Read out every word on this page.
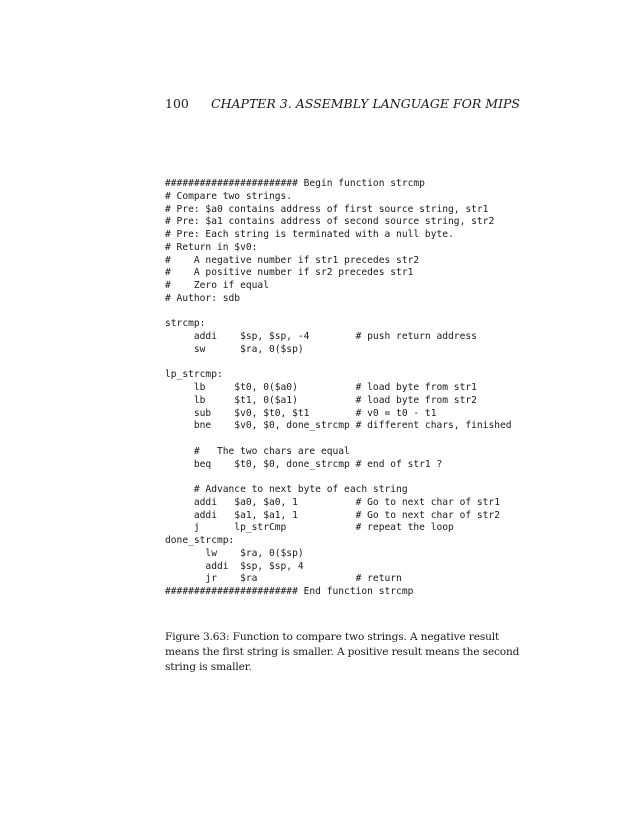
100 CHAPTER 3. ASSEMBLY LANGUAGE FOR MIPS
####################### Begin function strcmp
# Compare two strings.
# Pre: $a0 contains address of first source string, str1
# Pre: $a1 contains address of second source string, str2
# Pre: Each string is terminated with a null byte.
# Return in $v0:
#    A negative number if str1 precedes str2
#    A positive number if sr2 precedes str1
#    Zero if equal
# Author: sdb
strcmp:
addi    $sp, $sp, -4        # push return address
sw      $ra, 0($sp)
lp_strcmp:
lb     $t0, 0($a0)          # load byte from str1
lb     $t1, 0($a1)          # load byte from str2
sub    $v0, $t0, $t1        # v0 = t0 - t1
bne    $v0, $0, done_strcmp # different chars, finished
#   The two chars are equal
beq    $t0, $0, done_strcmp # end of str1 ?
# Advance to next byte of each string
addi   $a0, $a0, 1          # Go to next char of str1
addi   $a1, $a1, 1          # Go to next char of str2
j      lp_strCmp            # repeat the loop
done_strcmp:
lw    $ra, 0($sp)
addi  $sp, $sp, 4
jr    $ra                 # return
####################### End function strcmp

Figure 3.63: Function to compare two strings. A negative result means the first string is smaller. A positive result means the second string is smaller.
